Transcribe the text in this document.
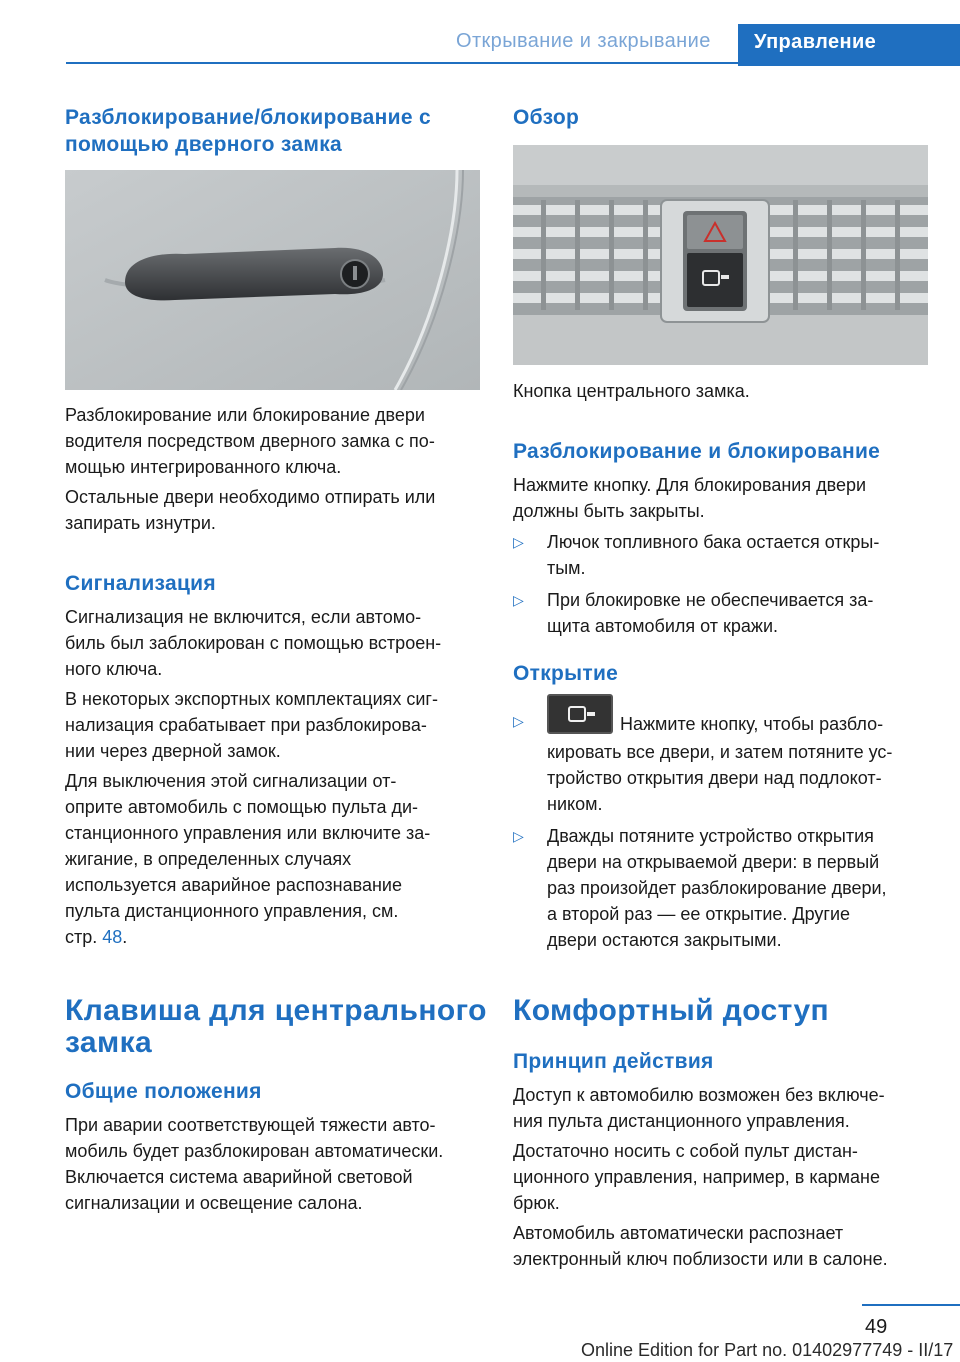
Открывание и закрывание Управление
Разблокирование/блокирование с помощью дверного замка
Разблокирование или блокирование двери
водителя посредством дверного замка с по-
мощью интегрированного ключа.
Остальные двери необходимо отпирать или
запирать изнутри.
Сигнализация
Сигнализация не включится, если автомо-
биль был заблокирован с помощью встроен-
ного ключа.
В некоторых экспортных комплектациях сиг-
нализация срабатывает при разблокирова-
нии через дверной замок.
Для выключения этой сигнализации от-
оприте автомобиль с помощью пульта ди-
станционного управления или включите за-
жигание, в определенных случаях
используется аварийное распознавание
пульта дистанционного управления, см.
стр. 48.
Клавиша для центрального
замка
Общие положения
При аварии соответствующей тяжести авто-
мобиль будет разблокирован автоматически.
Включается система аварийной световой
сигнализации и освещение салона.
Обзор
Кнопка центрального замка.
Разблокирование и блокирование
Нажмите кнопку. Для блокирования двери
должны быть закрыты.
▷ Лючок топливного бака остается откры-
тым.
▷ При блокировке не обеспечивается за-
щита автомобиля от кражи.
Открытие
▷	Нажмите кнопку, чтобы разбло-
кировать все двери, и затем потяните ус-
тройство открытия двери над подлокот-
ником.
▷ Дважды потяните устройство открытия
двери на открываемой двери: в первый
раз произойдет разблокирование двери,
а второй раз — ее открытие. Другие
двери остаются закрытыми.
Комфортный доступ
Принцип действия
Доступ к автомобилю возможен без включе-
ния пульта дистанционного управления.
Достаточно носить с собой пульт дистан-
ционного управления, например, в кармане
брюк.
Автомобиль автоматически распознает
электронный ключ поблизости или в салоне.
49
Online Edition for Part no. 01402977749 - II/17
